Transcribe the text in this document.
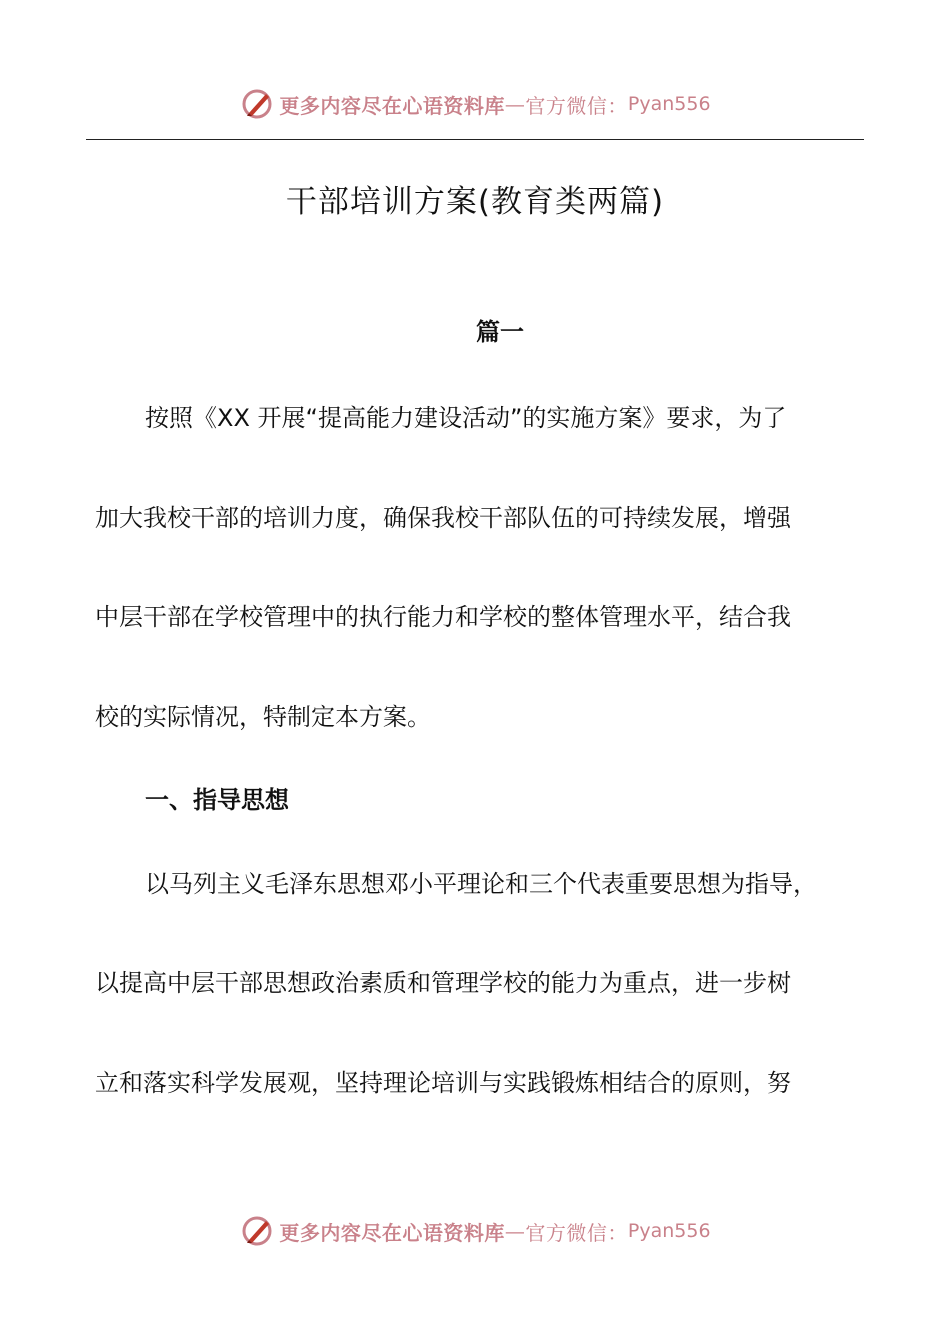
更多内容尽在心语资料库 — 官方微信： Pyan556
干部培训方案(教育类两篇)
篇一
按照《XX 开展“提高能力建设活动”的实施方案》要求，为了
加大我校干部的培训力度，确保我校干部队伍的可持续发展，增强
中层干部在学校管理中的执行能力和学校的整体管理水平，结合我
校的实际情况，特制定本方案。
一、指导思想
以马列主义毛泽东思想邓小平理论和三个代表重要思想为指导，
以提高中层干部思想政治素质和管理学校的能力为重点，进一步树
立和落实科学发展观，坚持理论培训与实践锻炼相结合的原则，努
更多内容尽在心语资料库 — 官方微信： Pyan556
